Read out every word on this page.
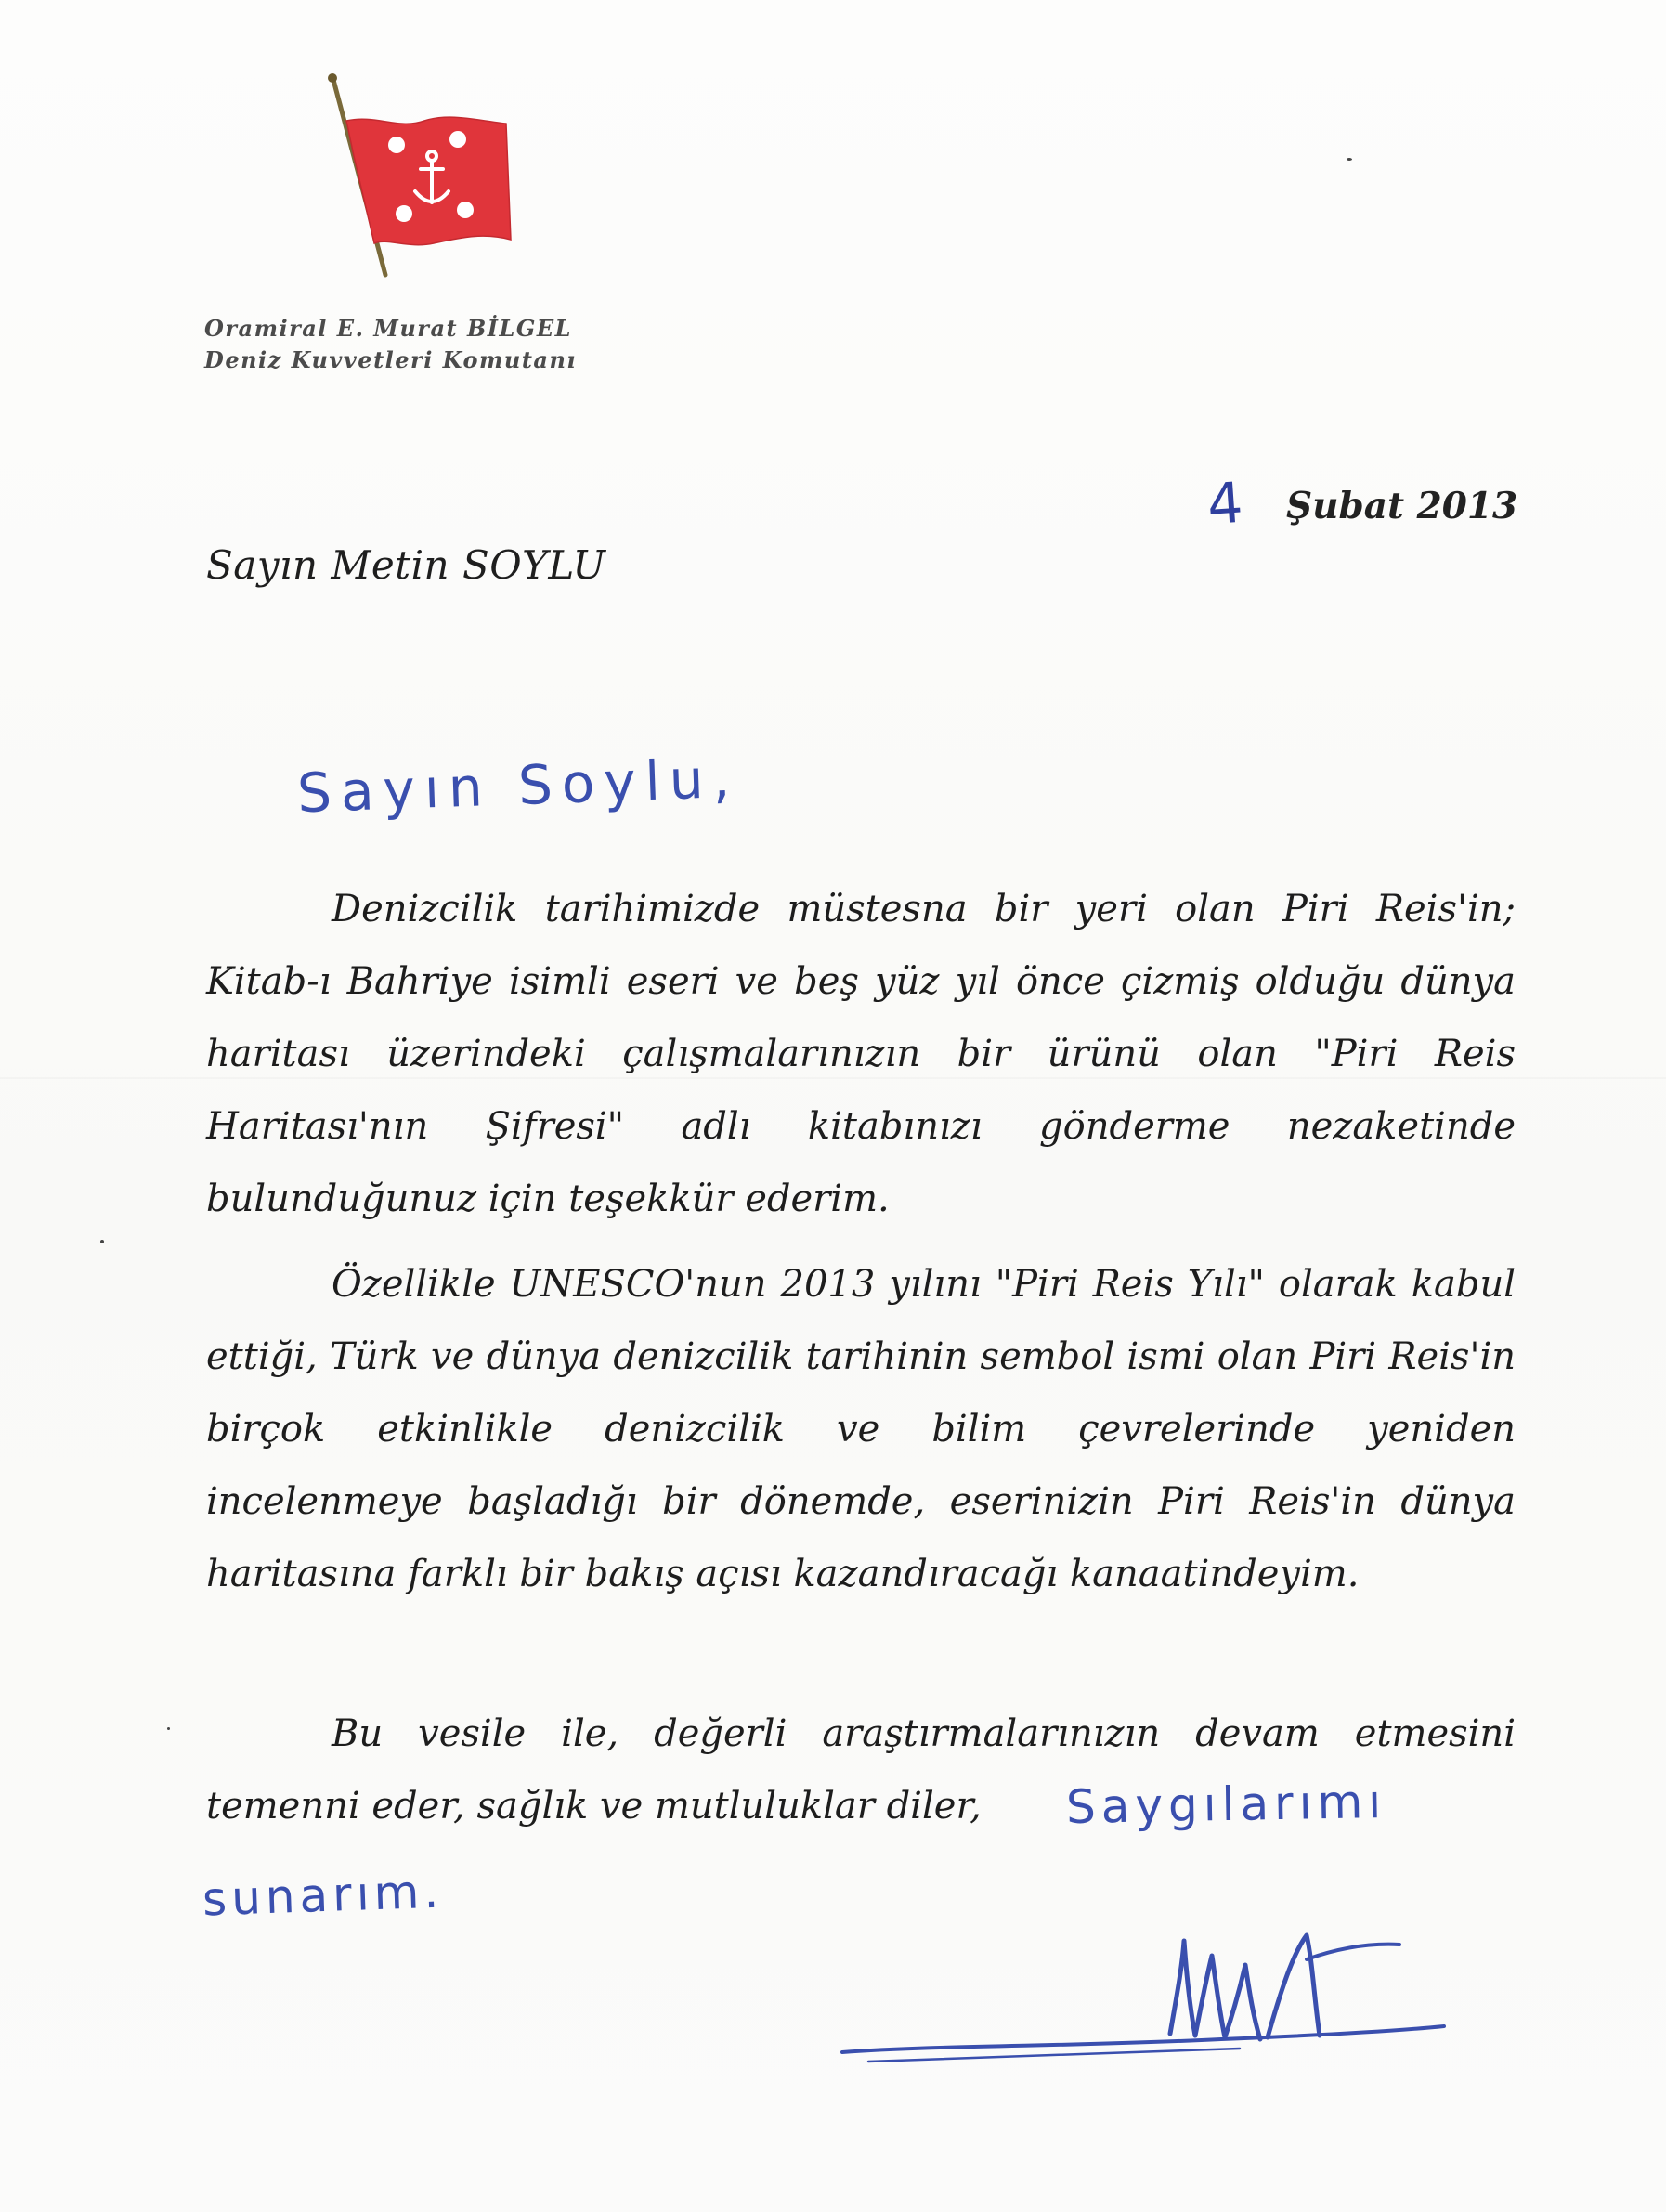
Oramiral E. Murat BİLGEL
Deniz Kuvvetleri Komutanı
4 Şubat 2013
Sayın Metin SOYLU
Sayın Soylu,

Denizcilik tarihimizde müstesna bir yeri olan Piri Reis'in; Kitab-ı Bahriye isimli eseri ve beş yüz yıl önce çizmiş olduğu dünya haritası üzerindeki çalışmalarınızın bir ürünü olan "Piri Reis Haritası'nın Şifresi" adlı kitabınızı gönderme nezaketinde bulunduğunuz için teşekkür ederim.

Özellikle UNESCO'nun 2013 yılını "Piri Reis Yılı" olarak kabul ettiği, Türk ve dünya denizcilik tarihinin sembol ismi olan Piri Reis'in birçok etkinlikle denizcilik ve bilim çevrelerinde yeniden incelenmeye başladığı bir dönemde, eserinizin Piri Reis'in dünya haritasına farklı bir bakış açısı kazandıracağı kanaatindeyim.

Bu vesile ile, değerli araştırmalarınızın devam etmesini temenni eder, sağlık ve mutluluklar diler,	Saygılarımı
sunarım.
